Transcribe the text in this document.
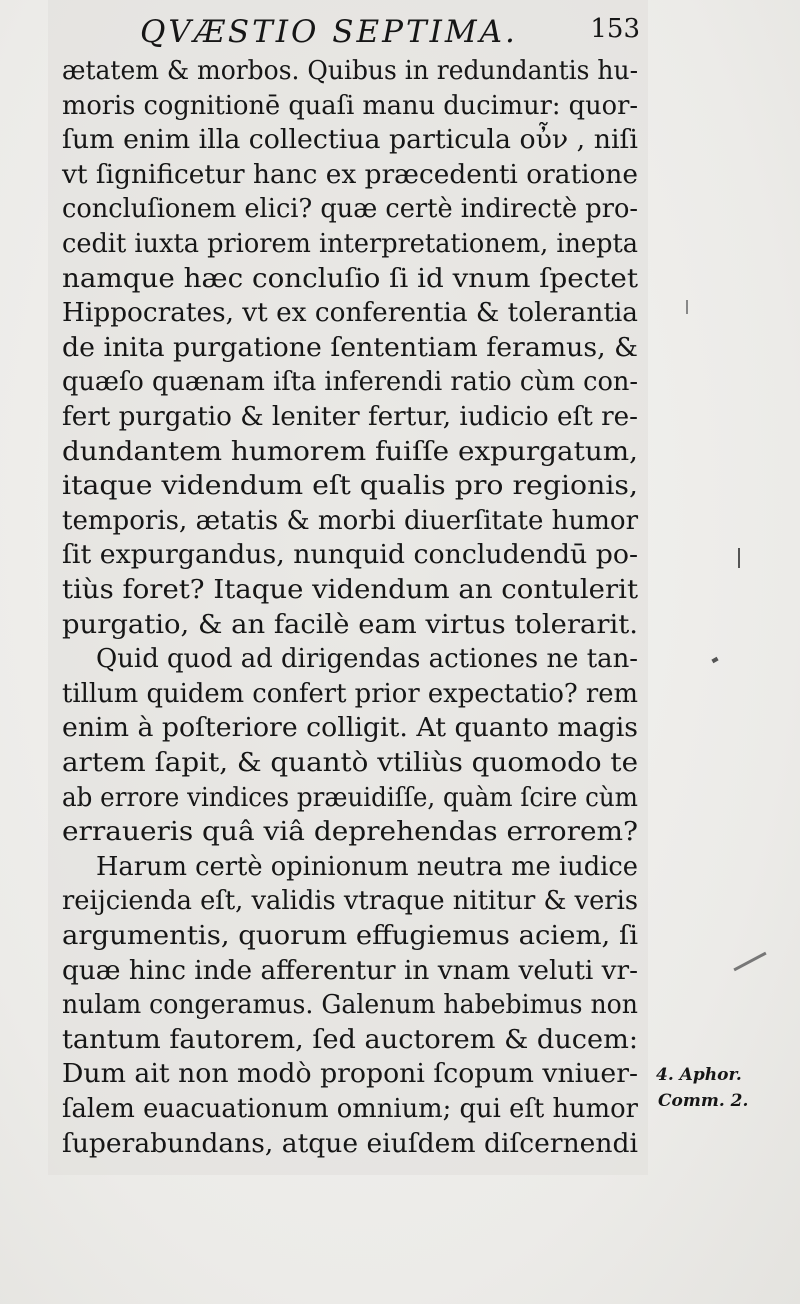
QVÆSTIO SEPTIMA.	153
ætatem & morbos. Quibus in redundantis hu-
moris cognitionē quaſi manu ducimur: quor-
ſum enim illa collectiua particula οὖν , niſi
vt ſignificetur hanc ex præcedenti oratione
concluſionem elici? quæ certè indirectè pro-
cedit iuxta priorem interpretationem, inepta
namque hæc concluſio ſi id vnum ſpectet
Hippocrates, vt ex conferentia & tolerantia
de inita purgatione ſententiam feramus, &
quæſo quænam iſta inferendi ratio cùm con-
fert purgatio & leniter fertur, iudicio eſt re-
dundantem humorem fuiſſe expurgatum,
itaque videndum eſt qualis pro regionis,
temporis, ætatis & morbi diuerſitate humor
ſit expurgandus, nunquid concludendū po-
tiùs foret? Itaque videndum an contulerit
purgatio, & an facilè eam virtus tolerarit.
Quid quod ad dirigendas actiones ne tan-
tillum quidem confert prior expectatio? rem
enim à poſteriore colligit. At quanto magis
artem ſapit, & quantò vtiliùs quomodo te
ab errore vindices præuidiſſe, quàm ſcire cùm
erraueris quâ viâ deprehendas errorem?
Harum certè opinionum neutra me iudice
reijcienda eſt, validis vtraque nititur & veris
argumentis, quorum effugiemus aciem, ſi
quæ hinc inde afferentur in vnam veluti vr-
nulam congeramus. Galenum habebimus non
tantum fautorem, ſed auctorem & ducem:
Dum ait non modò proponi ſcopum vniuer-
ſalem euacuationum omnium; qui eſt humor
ſuperabundans, atque eiuſdem diſcernendi
4. Aphor.
Comm. 2.
